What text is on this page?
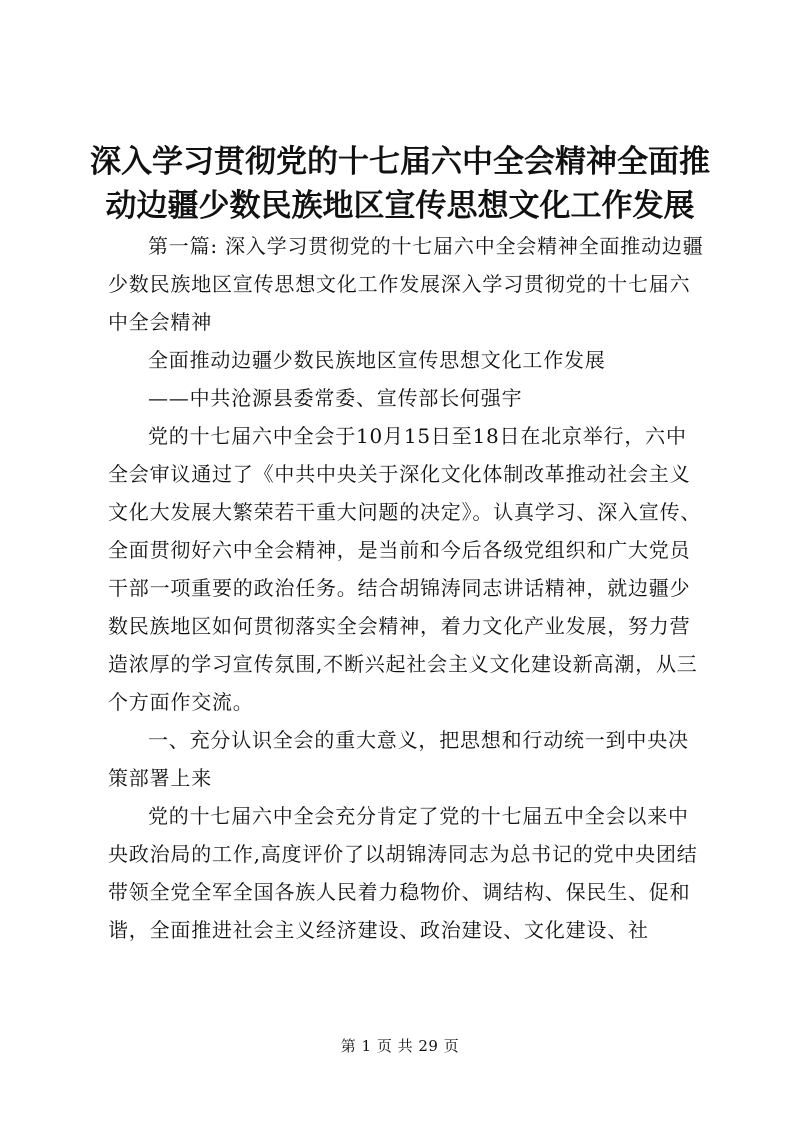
深入学习贯彻党的十七届六中全会精神全面推
动边疆少数民族地区宣传思想文化工作发展

第一篇: 深入学习贯彻党的十七届六中全会精神全面推动边疆少数民族地区宣传思想文化工作发展深入学习贯彻党的十七届六中全会精神

全面推动边疆少数民族地区宣传思想文化工作发展

——中共沧源县委常委、宣传部长何强宇

党的十七届六中全会于10月15日至18日在北京举行，六中全会审议通过了《中共中央关于深化文化体制改革推动社会主义文化大发展大繁荣若干重大问题的决定》。认真学习、深入宣传、全面贯彻好六中全会精神，是当前和今后各级党组织和广大党员干部一项重要的政治任务。结合胡锦涛同志讲话精神，就边疆少数民族地区如何贯彻落实全会精神，着力文化产业发展，努力营造浓厚的学习宣传氛围,不断兴起社会主义文化建设新高潮，从三个方面作交流。

一、充分认识全会的重大意义，把思想和行动统一到中央决策部署上来

党的十七届六中全会充分肯定了党的十七届五中全会以来中央政治局的工作,高度评价了以胡锦涛同志为总书记的党中央团结带领全党全军全国各族人民着力稳物价、调结构、保民生、促和谐，全面推进社会主义经济建设、政治建设、文化建设、社

第 1 页 共 29 页
